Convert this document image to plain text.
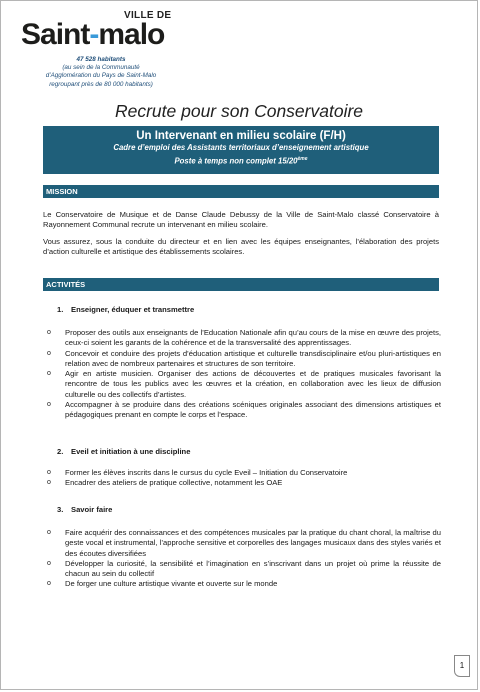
VILLE DE
Saint-malo
47 528 habitants
(au sein de la Communauté
d’Agglomération du Pays de Saint-Malo
regroupant près de 80 000 habitants)
Recrute pour son Conservatoire
Un Intervenant en milieu scolaire (F/H)
Cadre d’emploi des Assistants territoriaux d’enseignement artistique
Poste à temps non complet 15/20ème
MISSION
Le Conservatoire de Musique et de Danse Claude Debussy de la Ville de Saint-Malo classé Conservatoire à Rayonnement Communal recrute un intervenant en milieu scolaire.
Vous assurez, sous la conduite du directeur et en lien avec les équipes enseignantes, l’élaboration des projets d’action culturelle et artistique des établissements scolaires.
ACTIVITÉS
1. Enseigner, éduquer et transmettre
o Proposer des outils aux enseignants de l’Education Nationale afin qu’au cours de la mise en œuvre des projets, ceux-ci soient les garants de la cohérence et de la transversalité des apprentissages.
o Concevoir et conduire des projets d’éducation artistique et culturelle transdisciplinaire et/ou pluri-artistiques en relation avec de nombreux partenaires et structures de son territoire.
o Agir en artiste musicien. Organiser des actions de découvertes et de pratiques musicales favorisant la rencontre de tous les publics avec les œuvres et la création, en collaboration avec les lieux de diffusion culturelle ou des collectifs d’artistes.
o Accompagner à se produire dans des créations scéniques originales associant des dimensions artistiques et pédagogiques prenant en compte le corps et l’espace.
2. Eveil et initiation à une discipline
o Former les élèves inscrits dans le cursus du cycle Eveil – Initiation du Conservatoire
o Encadrer des ateliers de pratique collective, notamment les OAE
3. Savoir faire
o Faire acquérir des connaissances et des compétences musicales par la pratique du chant choral, la maîtrise du geste vocal et instrumental, l’approche sensitive et corporelles des langages musicaux dans des styles variés et des écoutes diversifiées
o Développer la curiosité, la sensibilité et l’imagination en s’inscrivant dans un projet où prime la réussite de chacun au sein du collectif
o De forger une culture artistique vivante et ouverte sur le monde
1
